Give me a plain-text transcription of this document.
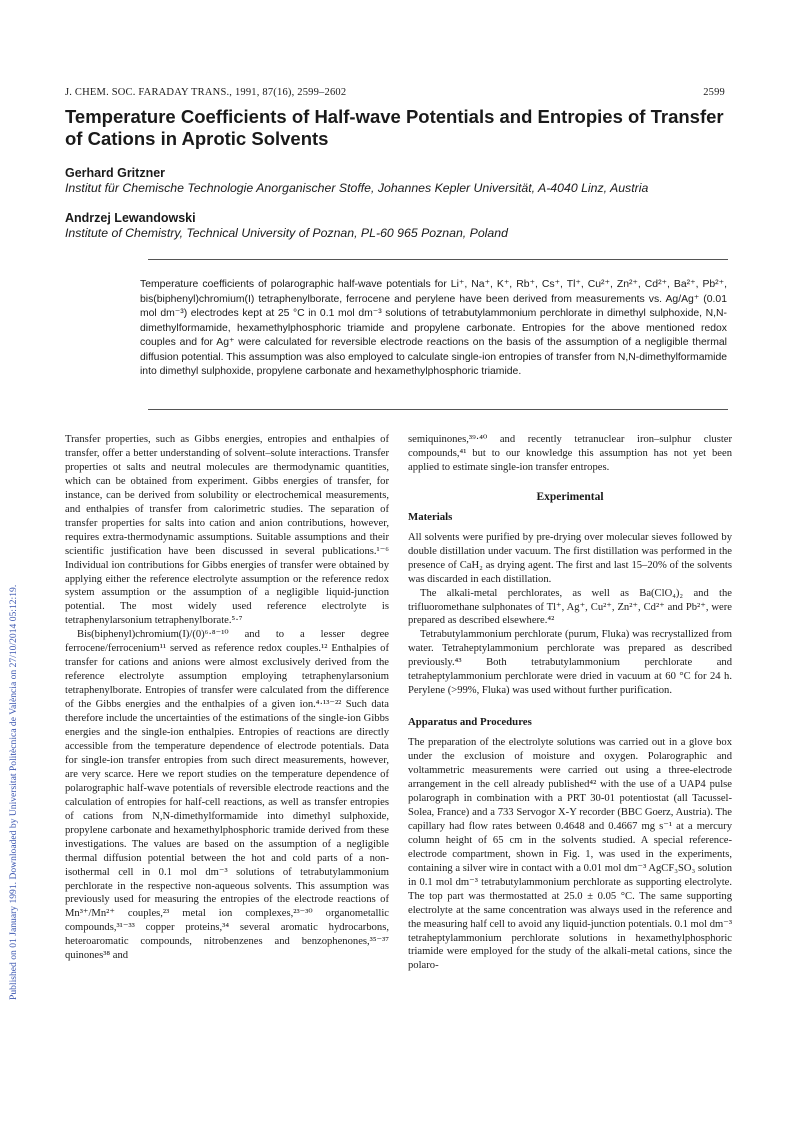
Published on 01 January 1991. Downloaded by Universitat Politècnica de València on 27/10/2014 05:12:19.
J. CHEM. SOC. FARADAY TRANS., 1991, 87(16), 2599–2602	2599
Temperature Coefficients of Half-wave Potentials and Entropies of Transfer of Cations in Aprotic Solvents
Gerhard Gritzner
Institut für Chemische Technologie Anorganischer Stoffe, Johannes Kepler Universität, A-4040 Linz, Austria
Andrzej Lewandowski
Institute of Chemistry, Technical University of Poznan, PL-60 965 Poznan, Poland
Temperature coefficients of polarographic half-wave potentials for Li⁺, Na⁺, K⁺, Rb⁺, Cs⁺, Tl⁺, Cu²⁺, Zn²⁺, Cd²⁺, Ba²⁺, Pb²⁺, bis(biphenyl)chromium(I) tetraphenylborate, ferrocene and perylene have been derived from measurements vs. Ag/Ag⁺ (0.01 mol dm⁻³) electrodes kept at 25 °C in 0.1 mol dm⁻³ solutions of tetrabutylammonium perchlorate in dimethyl sulphoxide, N,N-dimethylformamide, hexamethylphosphoric triamide and propylene carbonate. Entropies for the above mentioned redox couples and for Ag⁺ were calculated for reversible electrode reactions on the basis of the assumption of a negligible thermal diffusion potential. This assumption was also employed to calculate single-ion entropies of transfer from N,N-dimethylformamide into dimethyl sulphoxide, propylene carbonate and hexamethylphosphoric triamide.

Transfer properties, such as Gibbs energies, entropies and enthalpies of transfer, offer a better understanding of solvent–solute interactions. Transfer properties ot salts and neutral molecules are thermodynamic quantities, which can be obtained from experiment. Gibbs energies of transfer, for instance, can be derived from solubility or electrochemical measurements, and enthalpies of transfer from calorimetric studies. The separation of transfer properties for salts into cation and anion contributions, however, requires extra-thermodynamic assumptions. Suitable assumptions and their scientific justification have been discussed in several publications.¹⁻⁶ Individual ion contributions for Gibbs energies of transfer were obtained by applying either the reference electrolyte assumption or the reference redox system assumption or the assumption of a negligible liquid-junction potential. The most widely used reference electrolyte is tetraphenylarsonium tetraphenylborate.⁵·⁷

Bis(biphenyl)chromium(I)/(0)⁶·⁸⁻¹⁰ and to a lesser degree ferrocene/ferrocenium¹¹ served as reference redox couples.¹² Enthalpies of transfer for cations and anions were almost exclusively derived from the reference electrolyte assumption employing tetraphenylarsonium tetraphenylborate. Entropies of transfer were calculated from the difference of the Gibbs energies and the enthalpies of a given ion.⁴·¹³⁻²² Such data therefore include the uncertainties of the estimations of the single-ion Gibbs energies and the single-ion enthalpies. Entropies of reactions are directly accessible from the temperature dependence of electrode potentials. Data for single-ion transfer entropies from such direct measurements, however, are very scarce. Here we report studies on the temperature dependence of polarographic half-wave potentials of reversible electrode reactions and the calculation of entropies for half-cell reactions, as well as transfer entropies of cations from N,N-dimethylformamide into dimethyl sulphoxide, propylene carbonate and hexamethylphosphoric tramide derived from these investigations. The values are based on the assumption of a negligible thermal diffusion potential between the hot and cold parts of a non-isothermal cell in 0.1 mol dm⁻³ solutions of tetrabutylammonium perchlorate in the respective non-aqueous solvents. This assumption was previously used for measuring the entropies of the electrode reactions of Mn³⁺/Mn²⁺ couples,²³ metal ion complexes,²³⁻³⁰ organometallic compounds,³¹⁻³³ copper proteins,³⁴ several aromatic hydrocarbons, heteroaromatic compounds, nitrobenzenes and benzophenones,³⁵⁻³⁷ quinones³⁸ and

semiquinones,³⁹·⁴⁰ and recently tetranuclear iron–sulphur cluster compounds,⁴¹ but to our knowledge this assumption has not yet been applied to estimate single-ion transfer entropes.

Experimental
Materials

All solvents were purified by pre-drying over molecular sieves followed by double distillation under vacuum. The first distillation was performed in the presence of CaH₂ as drying agent. The first and last 15–20% of the solvents was discarded in each distillation.

The alkali-metal perchlorates, as well as Ba(ClO₄)₂ and the trifluoromethane sulphonates of Tl⁺, Ag⁺, Cu²⁺, Zn²⁺, Cd²⁺ and Pb²⁺, were prepared as described elsewhere.⁴²

Tetrabutylammonium perchlorate (purum, Fluka) was recrystallized from water. Tetraheptylammonium perchlorate was prepared as described previously.⁴³ Both tetrabutylammonium perchlorate and tetraheptylammonium perchlorate were dried in vacuum at 60 °C for 24 h. Perylene (>99%, Fluka) was used without further purification.

Apparatus and Procedures

The preparation of the electrolyte solutions was carried out in a glove box under the exclusion of moisture and oxygen. Polarographic and voltammetric measurements were carried out using a three-electrode arrangement in the cell already published⁴² with the use of a UAP4 pulse polarograph in combination with a PRT 30-01 potentiostat (all Tacussel-Solea, France) and a 733 Servogor X-Y recorder (BBC Goerz, Austria). The capillary had flow rates between 0.4648 and 0.4667 mg s⁻¹ at a mercury column height of 65 cm in the solvents studied. A special reference-electrode compartment, shown in Fig. 1, was used in the experiments, containing a silver wire in contact with a 0.01 mol dm⁻³ AgCF₃SO₃ solution in 0.1 mol dm⁻³ tetrabutylammonium perchlorate as supporting electrolyte. The top part was thermostatted at 25.0 ± 0.05 °C. The same supporting electrolyte at the same concentration was always used in the reference and the measuring half cell to avoid any liquid-junction potentials. 0.1 mol dm⁻³ tetraheptylammonium perchlorate solutions in hexamethylphosphoric triamide were employed for the study of the alkali-metal cations, since the polaro-
